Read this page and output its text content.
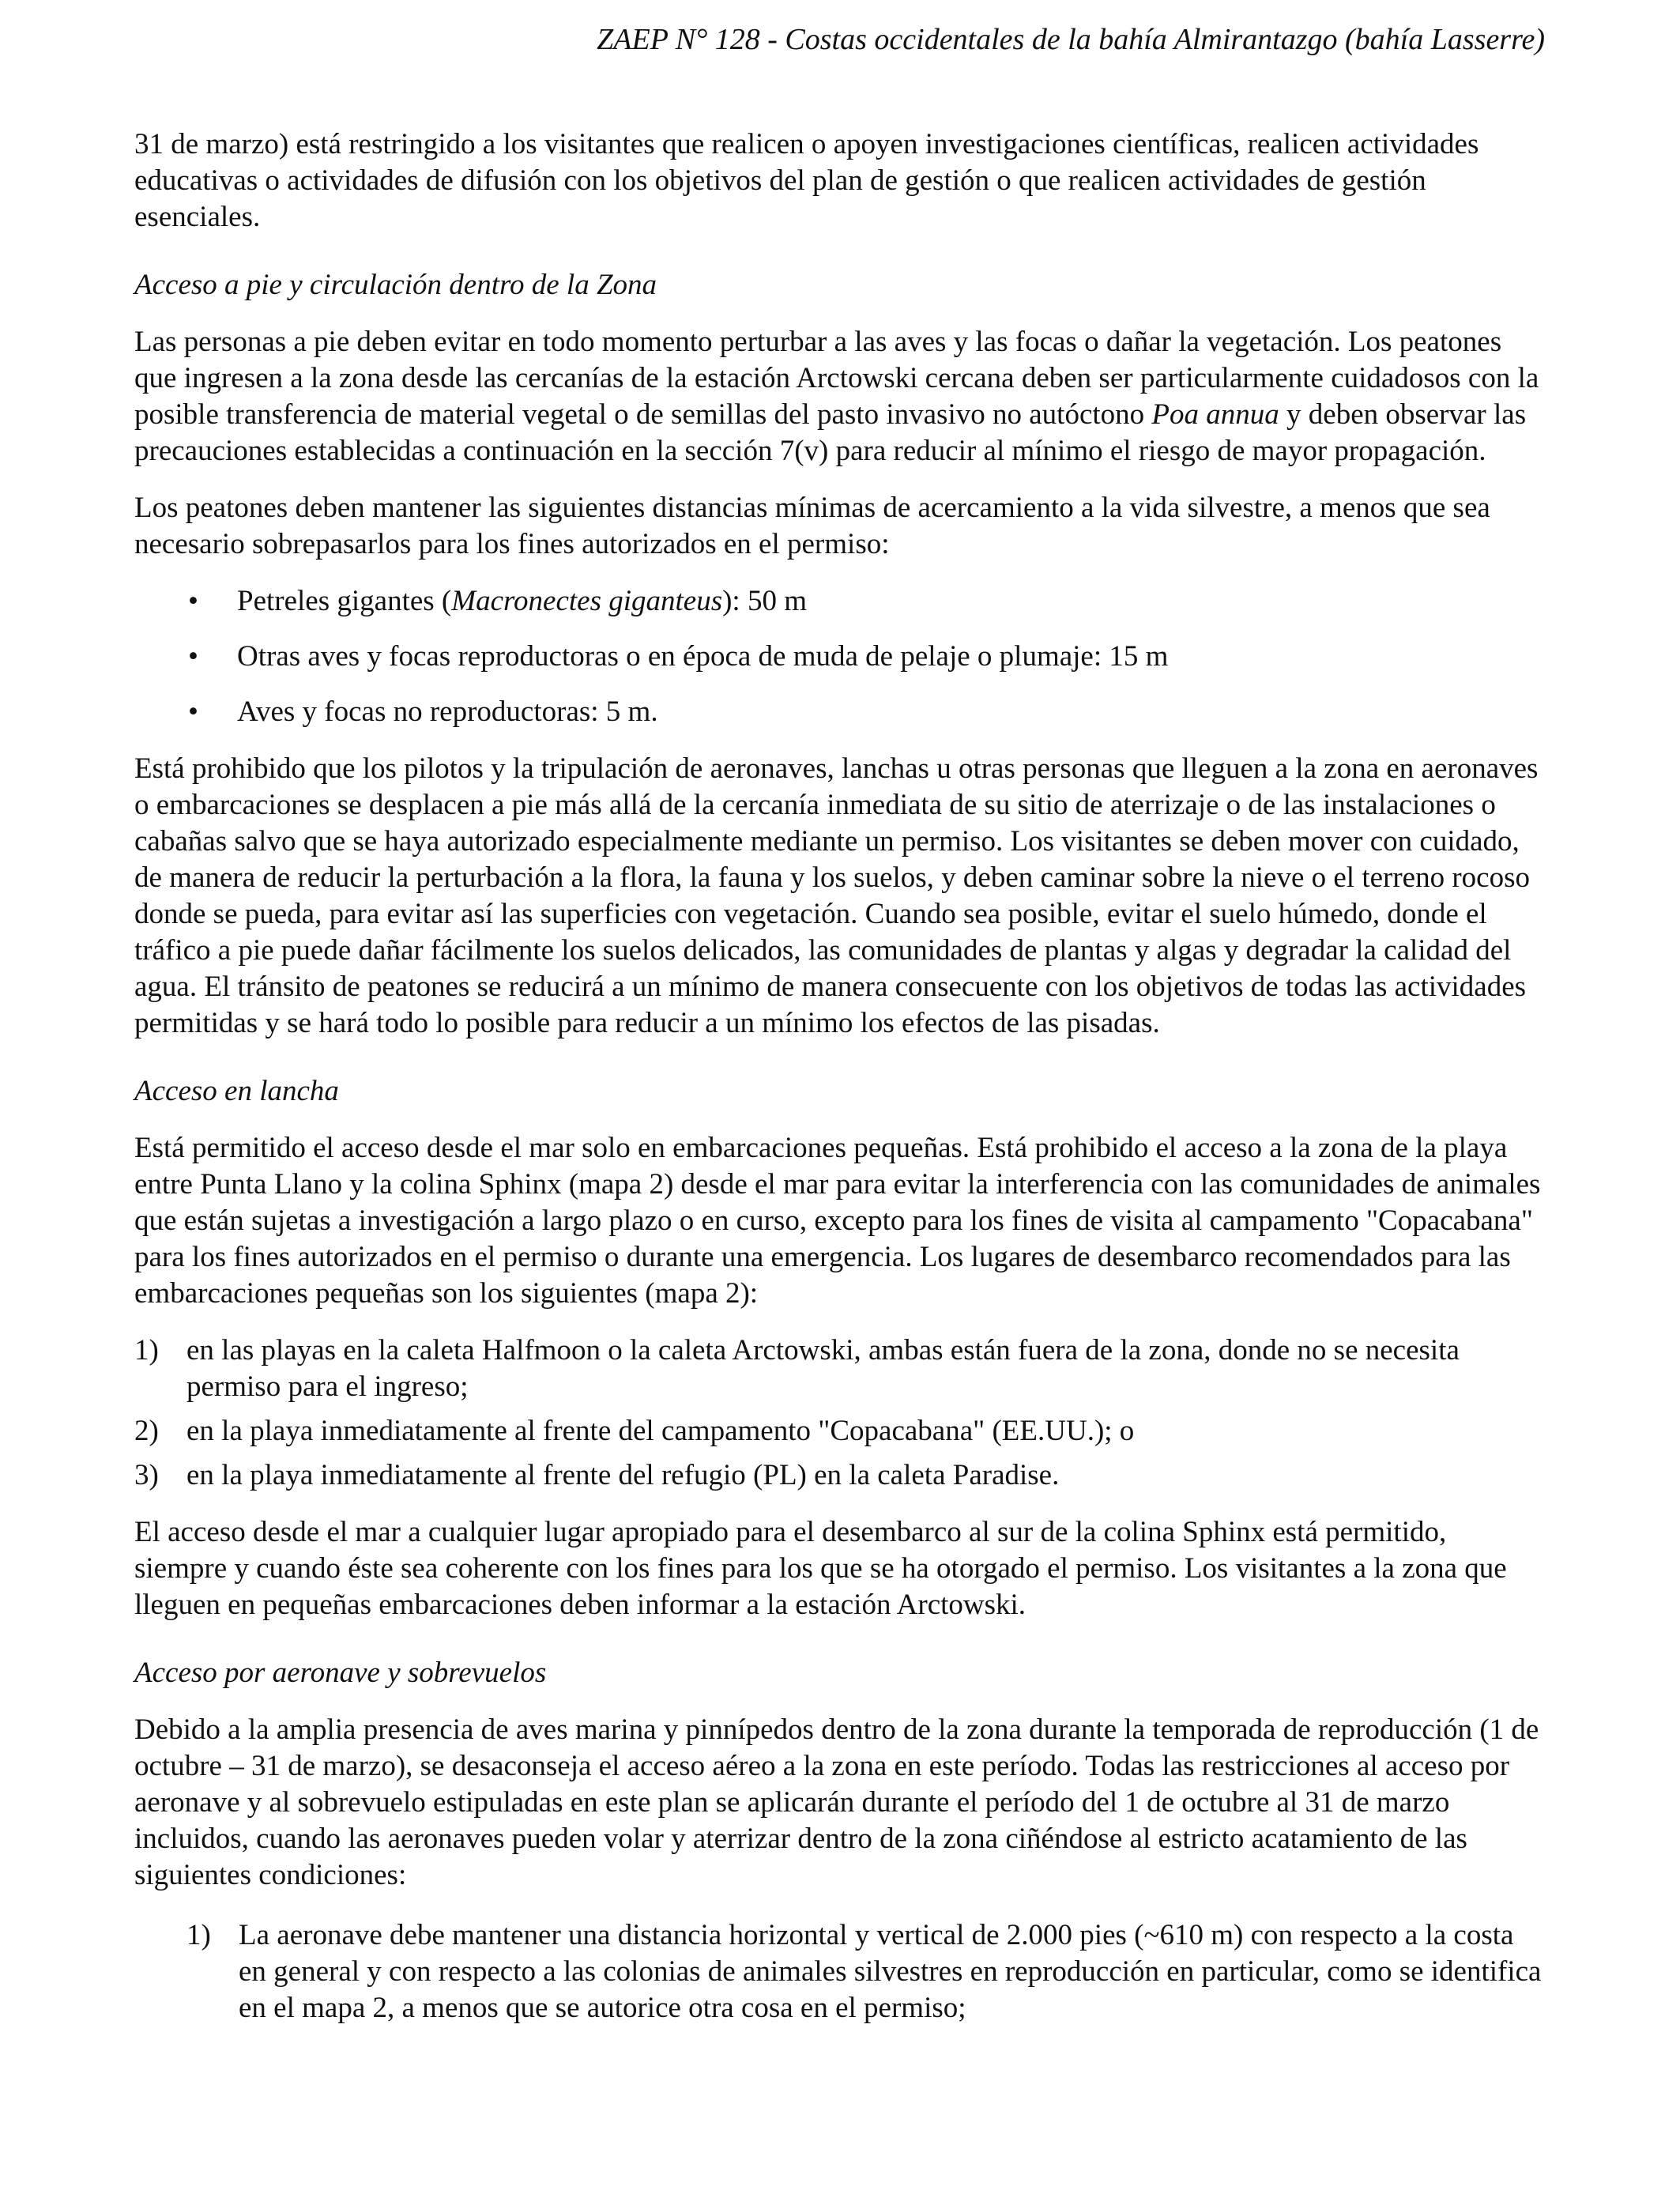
ZAEP N° 128 - Costas occidentales de la bahía Almirantazgo (bahía Lasserre)

31 de marzo) está restringido a los visitantes que realicen o apoyen investigaciones científicas, realicen actividades educativas o actividades de difusión con los objetivos del plan de gestión o que realicen actividades de gestión esenciales.

Acceso a pie y circulación dentro de la Zona

Las personas a pie deben evitar en todo momento perturbar a las aves y las focas o dañar la vegetación. Los peatones que ingresen a la zona desde las cercanías de la estación Arctowski cercana deben ser particularmente cuidadosos con la posible transferencia de material vegetal o de semillas del pasto invasivo no autóctono Poa annua y deben observar las precauciones establecidas a continuación en la sección 7(v) para reducir al mínimo el riesgo de mayor propagación.

Los peatones deben mantener las siguientes distancias mínimas de acercamiento a la vida silvestre, a menos que sea necesario sobrepasarlos para los fines autorizados en el permiso:

• Petreles gigantes (Macronectes giganteus): 50 m
• Otras aves y focas reproductoras o en época de muda de pelaje o plumaje: 15 m
• Aves y focas no reproductoras: 5 m.

Está prohibido que los pilotos y la tripulación de aeronaves, lanchas u otras personas que lleguen a la zona en aeronaves o embarcaciones se desplacen a pie más allá de la cercanía inmediata de su sitio de aterrizaje o de las instalaciones o cabañas salvo que se haya autorizado especialmente mediante un permiso. Los visitantes se deben mover con cuidado, de manera de reducir la perturbación a la flora, la fauna y los suelos, y deben caminar sobre la nieve o el terreno rocoso donde se pueda, para evitar así las superficies con vegetación. Cuando sea posible, evitar el suelo húmedo, donde el tráfico a pie puede dañar fácilmente los suelos delicados, las comunidades de plantas y algas y degradar la calidad del agua. El tránsito de peatones se reducirá a un mínimo de manera consecuente con los objetivos de todas las actividades permitidas y se hará todo lo posible para reducir a un mínimo los efectos de las pisadas.

Acceso en lancha

Está permitido el acceso desde el mar solo en embarcaciones pequeñas. Está prohibido el acceso a la zona de la playa entre Punta Llano y la colina Sphinx (mapa 2) desde el mar para evitar la interferencia con las comunidades de animales que están sujetas a investigación a largo plazo o en curso, excepto para los fines de visita al campamento "Copacabana" para los fines autorizados en el permiso o durante una emergencia. Los lugares de desembarco recomendados para las embarcaciones pequeñas son los siguientes (mapa 2):

1) en las playas en la caleta Halfmoon o la caleta Arctowski, ambas están fuera de la zona, donde no se necesita permiso para el ingreso;
2) en la playa inmediatamente al frente del campamento "Copacabana" (EE.UU.); o
3) en la playa inmediatamente al frente del refugio (PL) en la caleta Paradise.

El acceso desde el mar a cualquier lugar apropiado para el desembarco al sur de la colina Sphinx está permitido, siempre y cuando éste sea coherente con los fines para los que se ha otorgado el permiso. Los visitantes a la zona que lleguen en pequeñas embarcaciones deben informar a la estación Arctowski.

Acceso por aeronave y sobrevuelos

Debido a la amplia presencia de aves marina y pinnípedos dentro de la zona durante la temporada de reproducción (1 de octubre – 31 de marzo), se desaconseja el acceso aéreo a la zona en este período. Todas las restricciones al acceso por aeronave y al sobrevuelo estipuladas en este plan se aplicarán durante el período del 1 de octubre al 31 de marzo incluidos, cuando las aeronaves pueden volar y aterrizar dentro de la zona ciñéndose al estricto acatamiento de las siguientes condiciones:

1) La aeronave debe mantener una distancia horizontal y vertical de 2.000 pies (~610 m) con respecto a la costa en general y con respecto a las colonias de animales silvestres en reproducción en particular, como se identifica en el mapa 2, a menos que se autorice otra cosa en el permiso;
